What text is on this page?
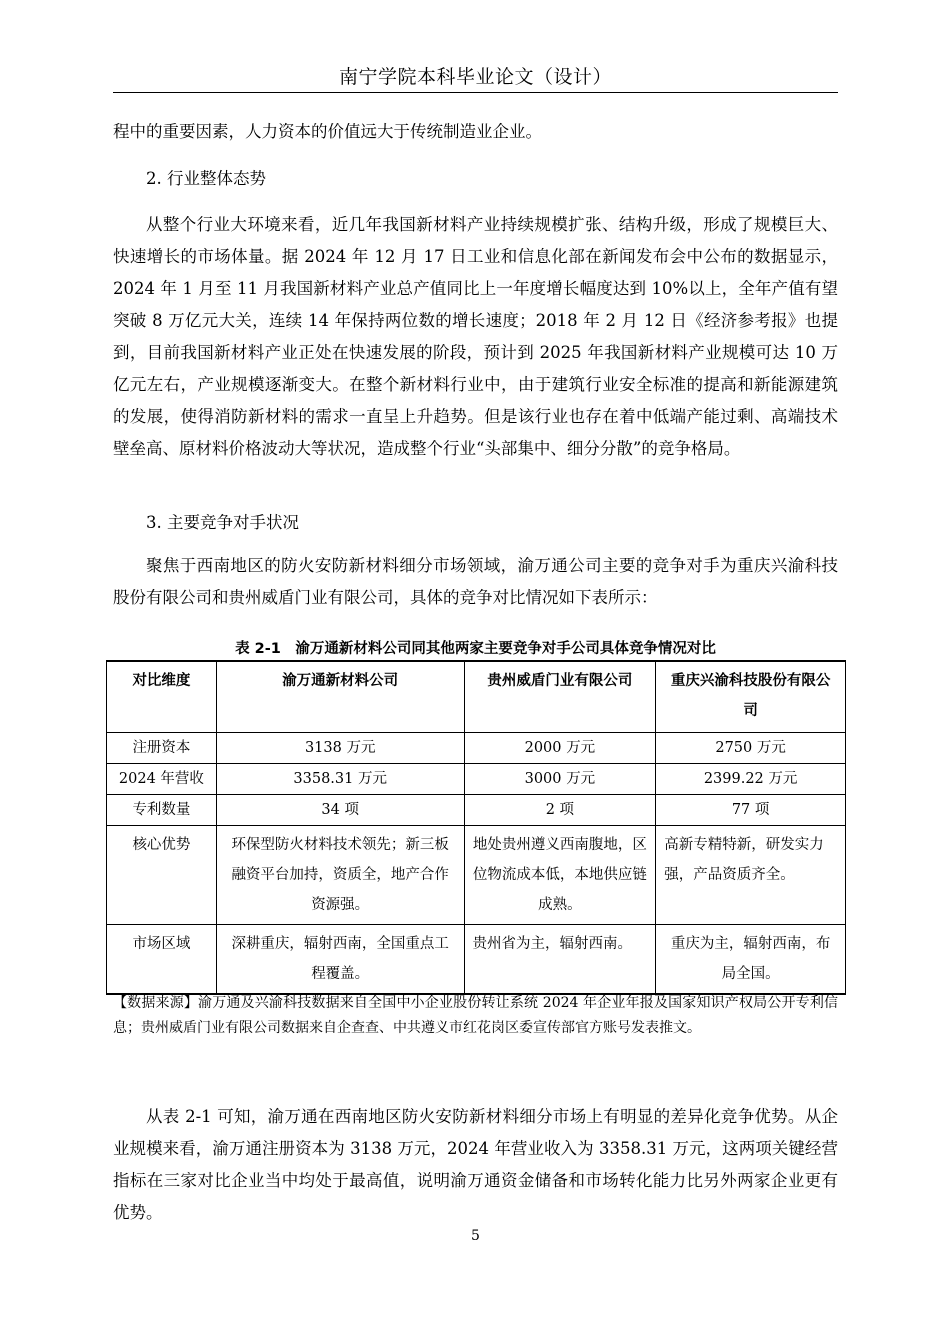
南宁学院本科毕业论文（设计）

程中的重要因素，人力资本的价值远大于传统制造业企业。

2. 行业整体态势

从整个行业大环境来看，近几年我国新材料产业持续规模扩张、结构升级，形成了规模巨大、快速增长的市场体量。据 2024 年 12 月 17 日工业和信息化部在新闻发布会中公布的数据显示，2024 年 1 月至 11 月我国新材料产业总产值同比上一年度增长幅度达到 10%以上，全年产值有望突破 8 万亿元大关，连续 14 年保持两位数的增长速度；2018 年 2 月 12 日《经济参考报》也提到，目前我国新材料产业正处在快速发展的阶段，预计到 2025 年我国新材料产业规模可达 10 万亿元左右，产业规模逐渐变大。在整个新材料行业中，由于建筑行业安全标准的提高和新能源建筑的发展，使得消防新材料的需求一直呈上升趋势。但是该行业也存在着中低端产能过剩、高端技术壁垒高、原材料价格波动大等状况，造成整个行业“头部集中、细分分散”的竞争格局。

3. 主要竞争对手状况

聚焦于西南地区的防火安防新材料细分市场领域，渝万通公司主要的竞争对手为重庆兴渝科技股份有限公司和贵州威盾门业有限公司，具体的竞争对比情况如下表所示：

表 2-1　渝万通新材料公司同其他两家主要竞争对手公司具体竞争情况对比
对比维度	渝万通新材料公司	贵州威盾门业有限公司	重庆兴渝科技股份有限公司
注册资本	3138 万元	2000 万元	2750 万元
2024 年营收	3358.31 万元	3000 万元	2399.22 万元
专利数量	34 项	2 项	77 项
核心优势	环保型防火材料技术领先；新三板融资平台加持，资质全，地产合作资源强。	地处贵州遵义西南腹地，区位物流成本低，本地供应链成熟。	高新专精特新，研发实力强，产品资质齐全。
市场区域	深耕重庆，辐射西南，全国重点工程覆盖。	贵州省为主，辐射西南。	重庆为主，辐射西南，布局全国。

【数据来源】渝万通及兴渝科技数据来自全国中小企业股份转让系统 2024 年企业年报及国家知识产权局公开专利信息；贵州威盾门业有限公司数据来自企查查、中共遵义市红花岗区委宣传部官方账号发表推文。

从表 2-1 可知，渝万通在西南地区防火安防新材料细分市场上有明显的差异化竞争优势。从企业规模来看，渝万通注册资本为 3138 万元，2024 年营业收入为 3358.31 万元，这两项关键经营指标在三家对比企业当中均处于最高值，说明渝万通资金储备和市场转化能力比另外两家企业更有优势。

5
